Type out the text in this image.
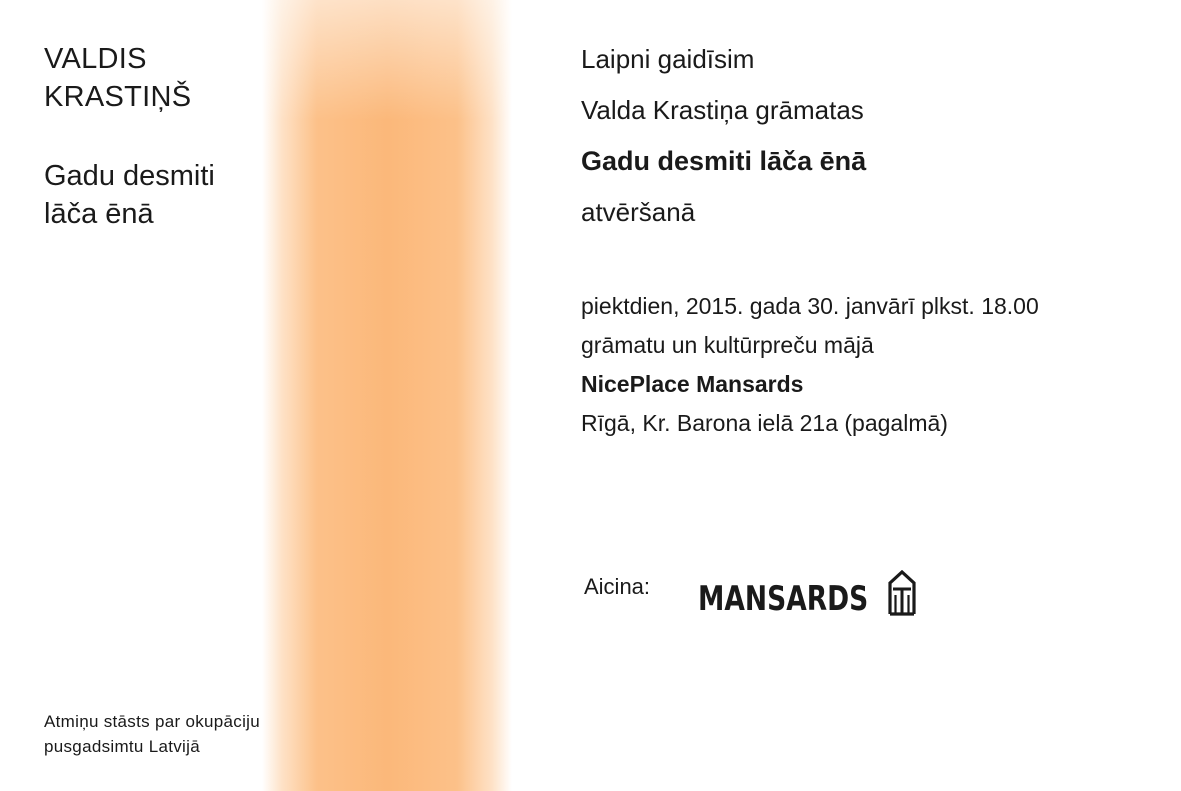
VALDIS
KRASTIŅŠ
Gadu desmiti
lāča ēnā
Atmiņu stāsts par okupāciju
pusgadsimtu Latvijā
Laipni gaidīsim
Valda Krastiņa grāmatas
Gadu desmiti lāča ēnā
atvēršanā
piektdien, 2015. gada 30. janvārī plkst. 18.00
grāmatu un kultūrpreču mājā
NicePlace Mansards
Rīgā, Kr. Barona ielā 21a (pagalmā)
Aicina: MANSARDS
